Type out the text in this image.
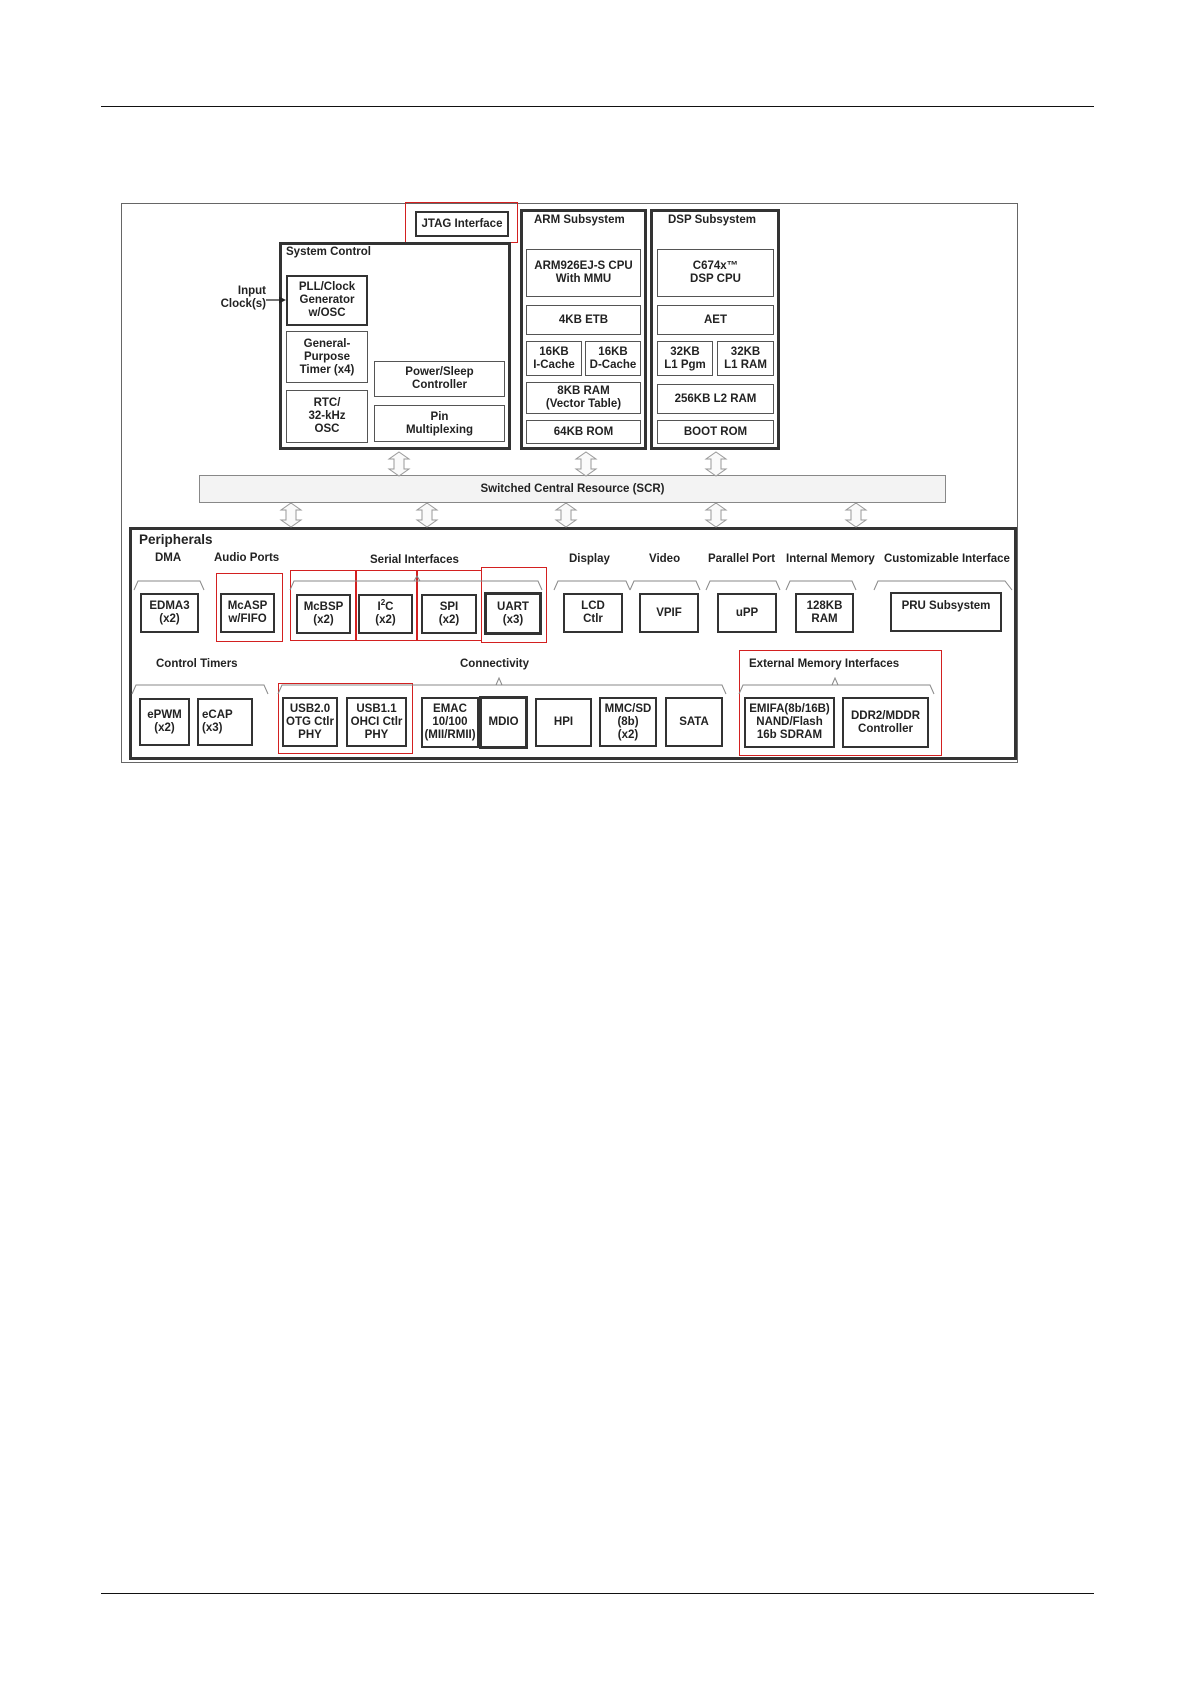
JTAG Interface
System Control
Input
Clock(s)
PLL/Clock
Generator
w/OSC
General-
Purpose
Timer (x4)
RTC/
32-kHz
OSC
Power/Sleep
Controller
Pin
Multiplexing
ARM Subsystem
ARM926EJ-S CPU
With MMU
4KB ETB
16KB
I-Cache
16KB
D-Cache
8KB RAM
(Vector Table)
64KB ROM
DSP Subsystem
C674x™
DSP CPU
AET
32KB
L1 Pgm
32KB
L1 RAM
256KB L2 RAM
BOOT ROM
Switched Central Resource (SCR)
Peripherals
DMA	Audio Ports	Serial Interfaces	Display	Video Parallel Port Internal Memory Customizable Interface
Control Timers	Connectivity	External Memory Interfaces
EDMA3
(x2)
McASP
w/FIFO
McBSP
(x2)
$I^2C$
(x2)
SPI
(x2)
UART
(x3)
LCD
Ctlr
VPIF	uPP
128KB
RAM
PRU Subsystem
ePWM
(x2)
eCAP
(x3)
USB2.0
OTG Ctlr
PHY
USB1.1
OHCI Ctlr
PHY
EMAC
10/100
(MII/RMII)
MDIO	HPI
MMC/SD
(8b)
(x2)
SATA
EMIFA(8b/16B)
NAND/Flash
16b SDRAM
DDR2/MDDR
Controller
